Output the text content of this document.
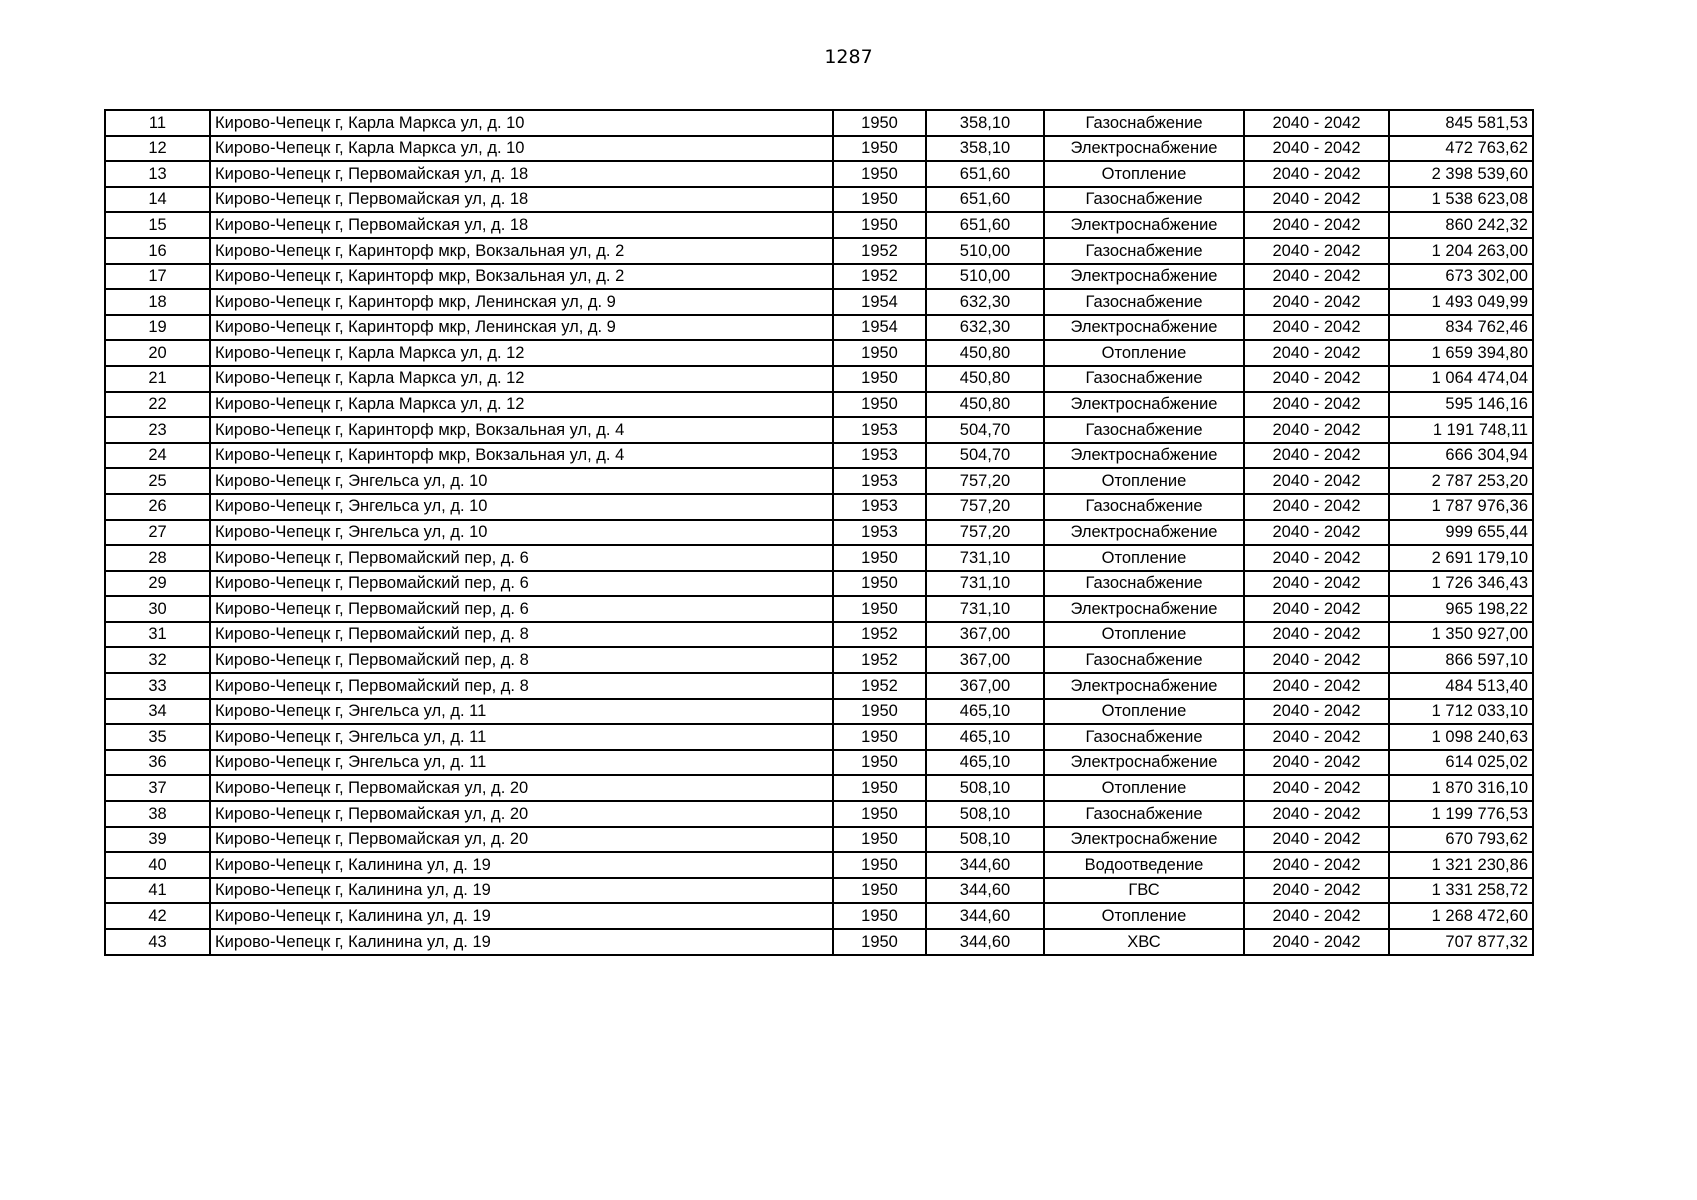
1287
11	Кирово-Чепецк г, Карла Маркса ул, д. 10	1950	358,10	Газоснабжение	2040 - 2042	845 581,53
12	Кирово-Чепецк г, Карла Маркса ул, д. 10	1950	358,10	Электроснабжение	2040 - 2042	472 763,62
13	Кирово-Чепецк г, Первомайская ул, д. 18	1950	651,60	Отопление	2040 - 2042	2 398 539,60
14	Кирово-Чепецк г, Первомайская ул, д. 18	1950	651,60	Газоснабжение	2040 - 2042	1 538 623,08
15	Кирово-Чепецк г, Первомайская ул, д. 18	1950	651,60	Электроснабжение	2040 - 2042	860 242,32
16	Кирово-Чепецк г, Каринторф мкр, Вокзальная ул, д. 2	1952	510,00	Газоснабжение	2040 - 2042	1 204 263,00
17	Кирово-Чепецк г, Каринторф мкр, Вокзальная ул, д. 2	1952	510,00	Электроснабжение	2040 - 2042	673 302,00
18	Кирово-Чепецк г, Каринторф мкр, Ленинская ул, д. 9	1954	632,30	Газоснабжение	2040 - 2042	1 493 049,99
19	Кирово-Чепецк г, Каринторф мкр, Ленинская ул, д. 9	1954	632,30	Электроснабжение	2040 - 2042	834 762,46
20	Кирово-Чепецк г, Карла Маркса ул, д. 12	1950	450,80	Отопление	2040 - 2042	1 659 394,80
21	Кирово-Чепецк г, Карла Маркса ул, д. 12	1950	450,80	Газоснабжение	2040 - 2042	1 064 474,04
22	Кирово-Чепецк г, Карла Маркса ул, д. 12	1950	450,80	Электроснабжение	2040 - 2042	595 146,16
23	Кирово-Чепецк г, Каринторф мкр, Вокзальная ул, д. 4	1953	504,70	Газоснабжение	2040 - 2042	1 191 748,11
24	Кирово-Чепецк г, Каринторф мкр, Вокзальная ул, д. 4	1953	504,70	Электроснабжение	2040 - 2042	666 304,94
25	Кирово-Чепецк г, Энгельса ул, д. 10	1953	757,20	Отопление	2040 - 2042	2 787 253,20
26	Кирово-Чепецк г, Энгельса ул, д. 10	1953	757,20	Газоснабжение	2040 - 2042	1 787 976,36
27	Кирово-Чепецк г, Энгельса ул, д. 10	1953	757,20	Электроснабжение	2040 - 2042	999 655,44
28	Кирово-Чепецк г, Первомайский пер, д. 6	1950	731,10	Отопление	2040 - 2042	2 691 179,10
29	Кирово-Чепецк г, Первомайский пер, д. 6	1950	731,10	Газоснабжение	2040 - 2042	1 726 346,43
30	Кирово-Чепецк г, Первомайский пер, д. 6	1950	731,10	Электроснабжение	2040 - 2042	965 198,22
31	Кирово-Чепецк г, Первомайский пер, д. 8	1952	367,00	Отопление	2040 - 2042	1 350 927,00
32	Кирово-Чепецк г, Первомайский пер, д. 8	1952	367,00	Газоснабжение	2040 - 2042	866 597,10
33	Кирово-Чепецк г, Первомайский пер, д. 8	1952	367,00	Электроснабжение	2040 - 2042	484 513,40
34	Кирово-Чепецк г, Энгельса ул, д. 11	1950	465,10	Отопление	2040 - 2042	1 712 033,10
35	Кирово-Чепецк г, Энгельса ул, д. 11	1950	465,10	Газоснабжение	2040 - 2042	1 098 240,63
36	Кирово-Чепецк г, Энгельса ул, д. 11	1950	465,10	Электроснабжение	2040 - 2042	614 025,02
37	Кирово-Чепецк г, Первомайская ул, д. 20	1950	508,10	Отопление	2040 - 2042	1 870 316,10
38	Кирово-Чепецк г, Первомайская ул, д. 20	1950	508,10	Газоснабжение	2040 - 2042	1 199 776,53
39	Кирово-Чепецк г, Первомайская ул, д. 20	1950	508,10	Электроснабжение	2040 - 2042	670 793,62
40	Кирово-Чепецк г, Калинина ул, д. 19	1950	344,60	Водоотведение	2040 - 2042	1 321 230,86
41	Кирово-Чепецк г, Калинина ул, д. 19	1950	344,60	ГВС	2040 - 2042	1 331 258,72
42	Кирово-Чепецк г, Калинина ул, д. 19	1950	344,60	Отопление	2040 - 2042	1 268 472,60
43	Кирово-Чепецк г, Калинина ул, д. 19	1950	344,60	ХВС	2040 - 2042	707 877,32
